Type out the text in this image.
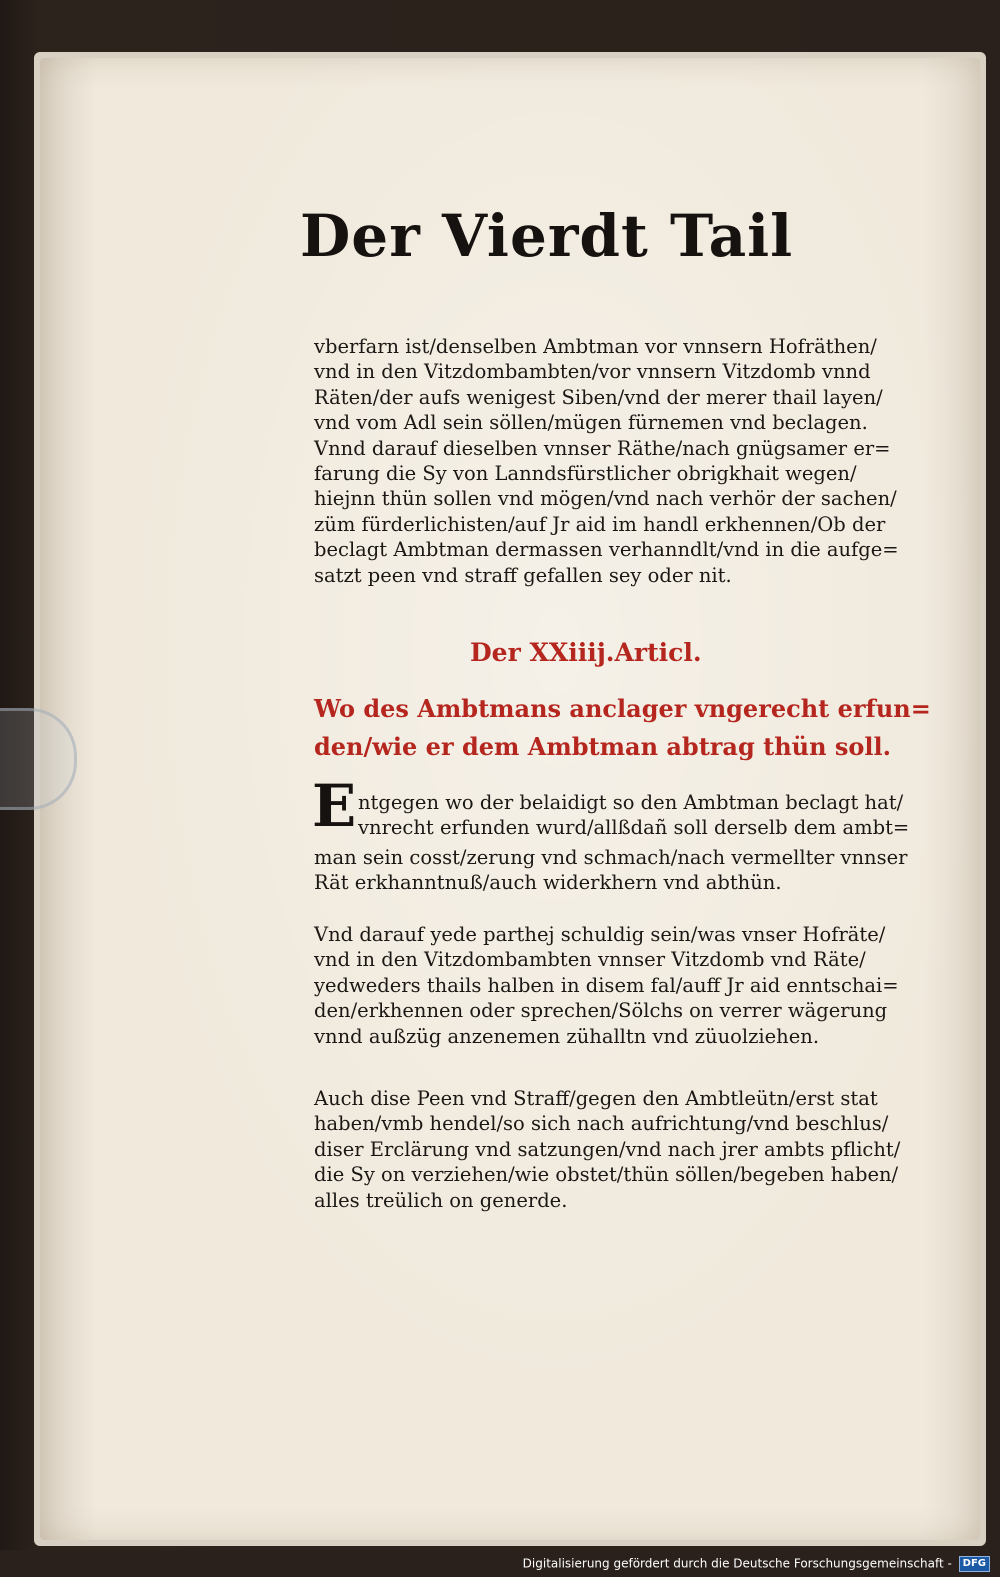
Der Vierdt Tail
vberfarn ist/denselben Ambtman vor vnnsern Hofräthen/
vnd in den Vitzdombambten/vor vnnsern Vitzdomb vnnd
Räten/der aufs wenigest Siben/vnd der merer thail layen/
vnd vom Adl sein söllen/mügen fürnemen vnd beclagen.
Vnnd darauf dieselben vnnser Räthe/nach gnügsamer er=
farung die Sy von Lanndsfürstlicher obrigkhait wegen/
hiejnn thün sollen vnd mögen/vnd nach verhör der sachen/
züm fürderlichisten/auf Jr aid im handl erkhennen/Ob der
beclagt Ambtman dermassen verhanndlt/vnd in die aufge=
satzt peen vnd straff gefallen sey oder nit.
Der XXiiij.Articl.
Wo des Ambtmans anclager vngerecht erfun=
den/wie er dem Ambtman abtrag thün soll.
E ntgegen wo der belaidigt so den Ambtman beclagt hat/
vnrecht erfunden wurd/allßdañ soll derselb dem ambt=
man sein cosst/zerung vnd schmach/nach vermellter vnnser
Rät erkhanntnuß/auch widerkhern vnd abthün.
Vnd darauf yede parthej schuldig sein/was vnser Hofräte/
vnd in den Vitzdombambten vnnser Vitzdomb vnd Räte/
yedweders thails halben in disem fal/auff Jr aid enntschai=
den/erkhennen oder sprechen/Sölchs on verrer wägerung
vnnd außzüg anzenemen zühalltn vnd züuolziehen.
Auch dise Peen vnd Straff/gegen den Ambtleütn/erst stat
haben/vmb hendel/so sich nach aufrichtung/vnd beschlus/
diser Erclärung vnd satzungen/vnd nach jrer ambts pflicht/
die Sy on verziehen/wie obstet/thün söllen/begeben haben/
alles treülich on generde.
Digitalisierung gefördert durch die Deutsche Forschungsgemeinschaft - DFG
